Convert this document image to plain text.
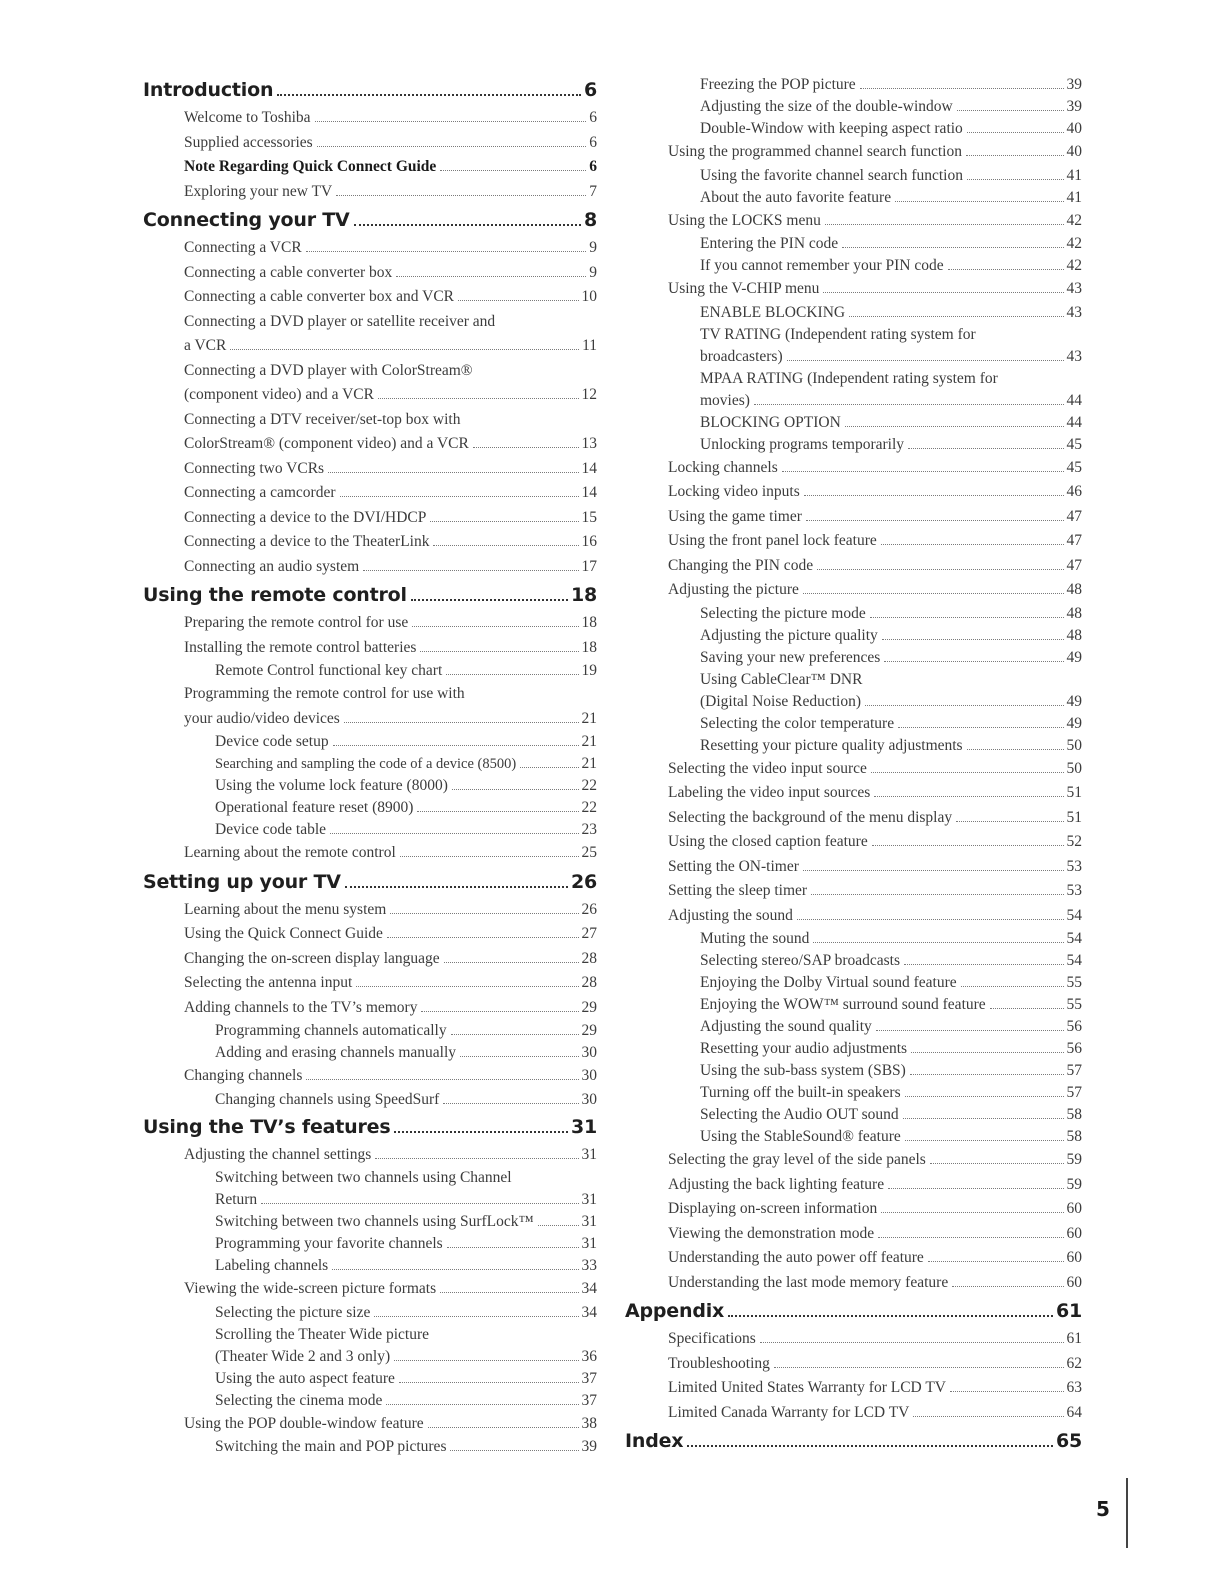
Introduction	6
Welcome to Toshiba	6
Supplied accessories	6
Note Regarding Quick Connect Guide	6
Exploring your new TV	7
Connecting your TV	8
Connecting a VCR	9
Connecting a cable converter box	9
Connecting a cable converter box and VCR	10
Connecting a DVD player or satellite receiver and
a VCR	11
Connecting a DVD player with ColorStream®
(component video) and a VCR	12
Connecting a DTV receiver/set-top box with
ColorStream® (component video) and a VCR	13
Connecting two VCRs	14
Connecting a camcorder	14
Connecting a device to the DVI/HDCP	15
Connecting a device to the TheaterLink	16
Connecting an audio system	17
Using the remote control	18
Preparing the remote control for use	18
Installing the remote control batteries	18
Remote Control functional key chart	19
Programming the remote control for use with
your audio/video devices	21
Device code setup	21
Searching and sampling the code of a device (8500)	21
Using the volume lock feature (8000)	22
Operational feature reset (8900)	22
Device code table	23
Learning about the remote control	25
Setting up your TV	26
Learning about the menu system	26
Using the Quick Connect Guide	27
Changing the on-screen display language	28
Selecting the antenna input	28
Adding channels to the TV’s memory	29
Programming channels automatically	29
Adding and erasing channels manually	30
Changing channels	30
Changing channels using SpeedSurf	30
Using the TV’s features	31
Adjusting the channel settings	31
Switching between two channels using Channel
Return	31
Switching between two channels using SurfLock™	31
Programming your favorite channels	31
Labeling channels	33
Viewing the wide-screen picture formats	34
Selecting the picture size	34
Scrolling the Theater Wide picture
(Theater Wide 2 and 3 only)	36
Using the auto aspect feature	37
Selecting the cinema mode	37
Using the POP double-window feature	38
Switching the main and POP pictures	39
Freezing the POP picture	39
Adjusting the size of the double-window	39
Double-Window with keeping aspect ratio	40
Using the programmed channel search function	40
Using the favorite channel search function	41
About the auto favorite feature	41
Using the LOCKS menu	42
Entering the PIN code	42
If you cannot remember your PIN code	42
Using the V-CHIP menu	43
ENABLE BLOCKING	43
TV RATING (Independent rating system for
broadcasters)	43
MPAA RATING (Independent rating system for
movies)	44
BLOCKING OPTION	44
Unlocking programs temporarily	45
Locking channels	45
Locking video inputs	46
Using the game timer	47
Using the front panel lock feature	47
Changing the PIN code	47
Adjusting the picture	48
Selecting the picture mode	48
Adjusting the picture quality	48
Saving your new preferences	49
Using CableClear™ DNR
(Digital Noise Reduction)	49
Selecting the color temperature	49
Resetting your picture quality adjustments	50
Selecting the video input source	50
Labeling the video input sources	51
Selecting the background of the menu display	51
Using the closed caption feature	52
Setting the ON-timer	53
Setting the sleep timer	53
Adjusting the sound	54
Muting the sound	54
Selecting stereo/SAP broadcasts	54
Enjoying the Dolby Virtual sound feature	55
Enjoying the WOW™ surround sound feature	55
Adjusting the sound quality	56
Resetting your audio adjustments	56
Using the sub-bass system (SBS)	57
Turning off the built-in speakers	57
Selecting the Audio OUT sound	58
Using the StableSound® feature	58
Selecting the gray level of the side panels	59
Adjusting the back lighting feature	59
Displaying on-screen information	60
Viewing the demonstration mode	60
Understanding the auto power off feature	60
Understanding the last mode memory feature	60
Appendix	61
Specifications	61
Troubleshooting	62
Limited United States Warranty for LCD TV	63
Limited Canada Warranty for LCD TV	64
Index	65
5
